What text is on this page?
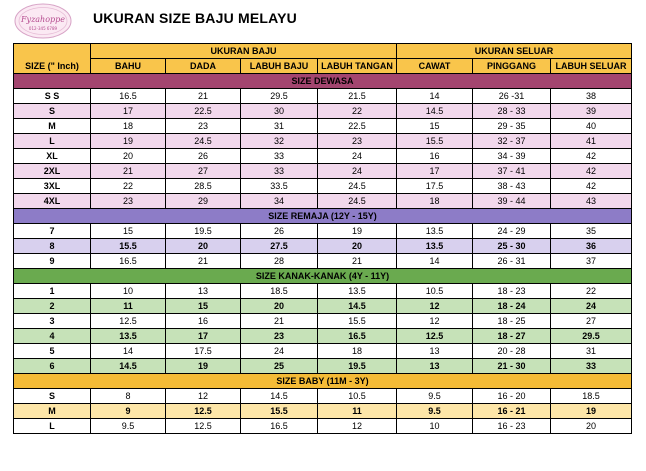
Fyzahoppe
012-345 6789
UKURAN SIZE BAJU MELAYU
	UKURAN BAJU				UKURAN SELUAR		
SIZE (" Inch)	BAHU	DADA	LABUH BAJU	LABUH TANGAN	CAWAT	PINGGANG	LABUH SELUAR
SIZE DEWASA							
S S	16.5	21	29.5	21.5	14	26 -31	38
S	17	22.5	30	22	14.5	28 - 33	39
M	18	23	31	22.5	15	29 - 35	40
L	19	24.5	32	23	15.5	32 - 37	41
XL	20	26	33	24	16	34 - 39	42
2XL	21	27	33	24	17	37 - 41	42
3XL	22	28.5	33.5	24.5	17.5	38 - 43	42
4XL	23	29	34	24.5	18	39 - 44	43
SIZE REMAJA (12Y - 15Y)							
7	15	19.5	26	19	13.5	24 - 29	35
8	15.5	20	27.5	20	13.5	25 - 30	36
9	16.5	21	28	21	14	26 - 31	37
SIZE KANAK-KANAK (4Y - 11Y)							
1	10	13	18.5	13.5	10.5	18 - 23	22
2	11	15	20	14.5	12	18 - 24	24
3	12.5	16	21	15.5	12	18 - 25	27
4	13.5	17	23	16.5	12.5	18 - 27	29.5
5	14	17.5	24	18	13	20 - 28	31
6	14.5	19	25	19.5	13	21 - 30	33
SIZE BABY (11M - 3Y)							
S	8	12	14.5	10.5	9.5	16 - 20	18.5
M	9	12.5	15.5	11	9.5	16 - 21	19
L	9.5	12.5	16.5	12	10	16 - 23	20
